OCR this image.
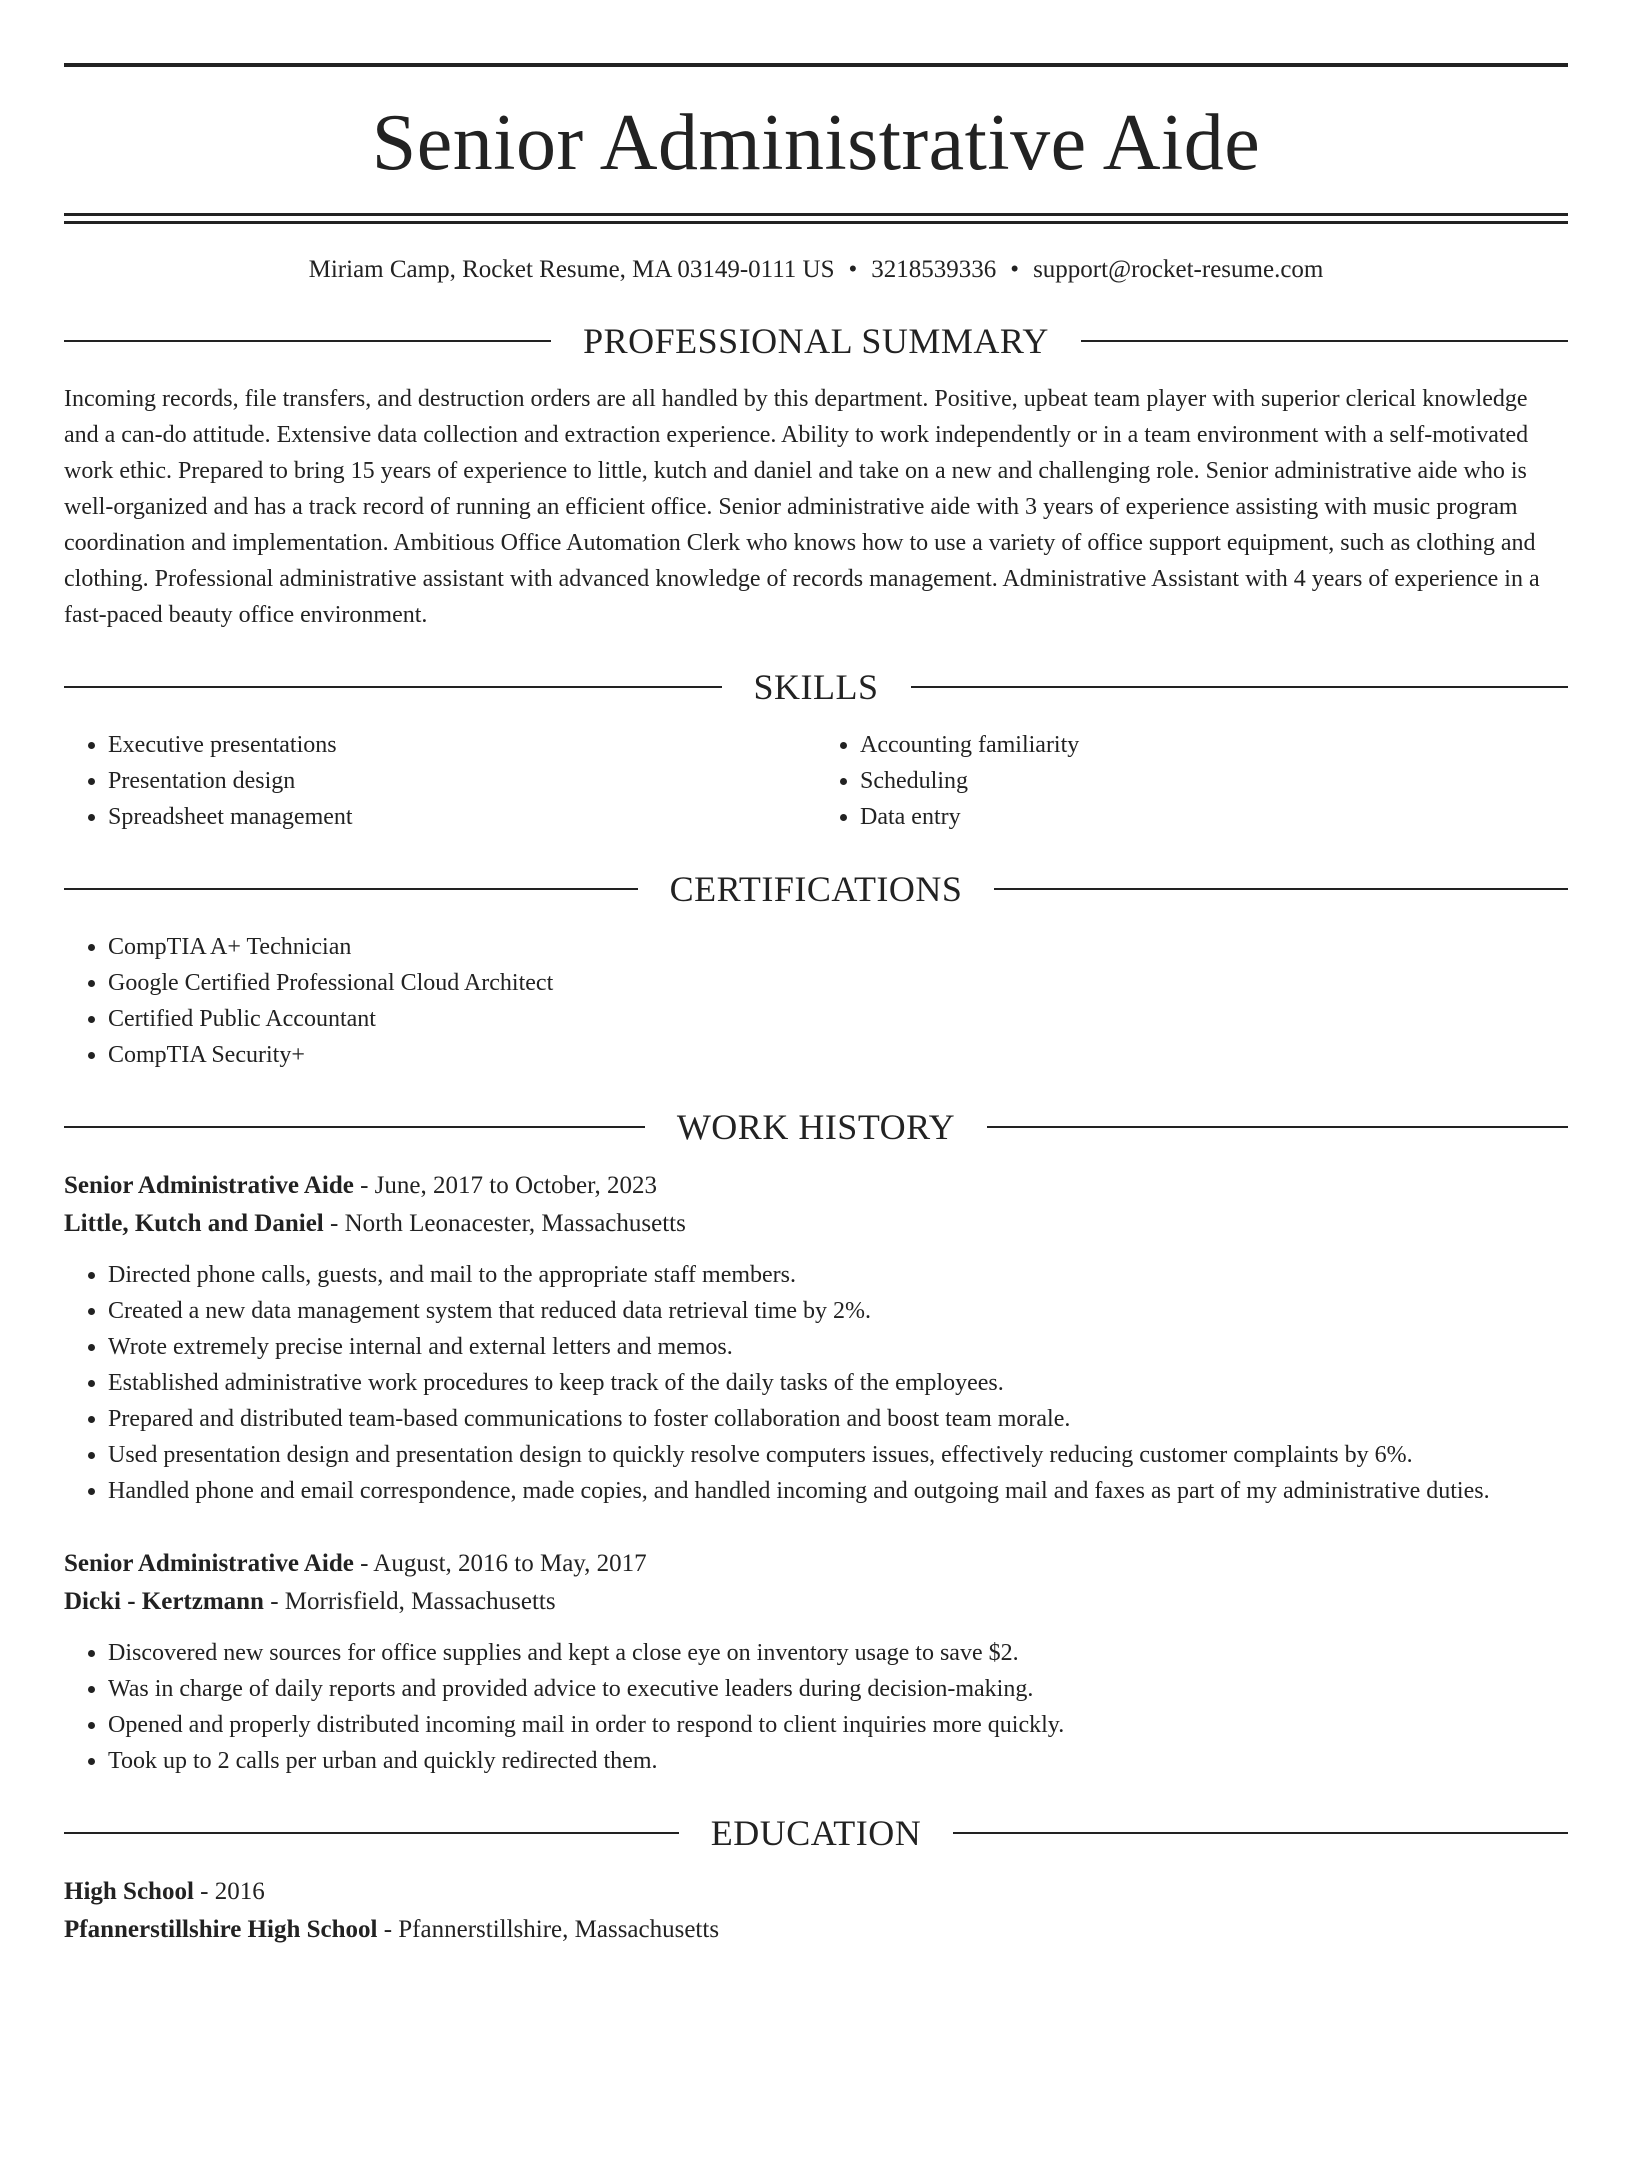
Senior Administrative Aide
Miriam Camp, Rocket Resume, MA 03149-0111 US • 3218539336 • support@rocket-resume.com
PROFESSIONAL SUMMARY

Incoming records, file transfers, and destruction orders are all handled by this department. Positive, upbeat team player with superior clerical knowledge and a can-do attitude. Extensive data collection and extraction experience. Ability to work independently or in a team environment with a self-motivated work ethic. Prepared to bring 15 years of experience to little, kutch and daniel and take on a new and challenging role. Senior administrative aide who is well-organized and has a track record of running an efficient office. Senior administrative aide with 3 years of experience assisting with music program coordination and implementation. Ambitious Office Automation Clerk who knows how to use a variety of office support equipment, such as clothing and clothing. Professional administrative assistant with advanced knowledge of records management. Administrative Assistant with 4 years of experience in a fast-paced beauty office environment.

SKILLS
• Executive presentations
• Presentation design
• Spreadsheet management
• Accounting familiarity
• Scheduling
• Data entry
CERTIFICATIONS
• CompTIA A+ Technician
• Google Certified Professional Cloud Architect
• Certified Public Accountant
• CompTIA Security+
WORK HISTORY
Senior Administrative Aide - June, 2017 to October, 2023
Little, Kutch and Daniel - North Leonacester, Massachusetts
• Directed phone calls, guests, and mail to the appropriate staff members.
• Created a new data management system that reduced data retrieval time by 2%.
• Wrote extremely precise internal and external letters and memos.
• Established administrative work procedures to keep track of the daily tasks of the employees.
• Prepared and distributed team-based communications to foster collaboration and boost team morale.
• Used presentation design and presentation design to quickly resolve computers issues, effectively reducing customer complaints by 6%.
• Handled phone and email correspondence, made copies, and handled incoming and outgoing mail and faxes as part of my administrative duties.
Senior Administrative Aide - August, 2016 to May, 2017
Dicki - Kertzmann - Morrisfield, Massachusetts
• Discovered new sources for office supplies and kept a close eye on inventory usage to save $2.
• Was in charge of daily reports and provided advice to executive leaders during decision-making.
• Opened and properly distributed incoming mail in order to respond to client inquiries more quickly.
• Took up to 2 calls per urban and quickly redirected them.
EDUCATION
High School - 2016
Pfannerstillshire High School - Pfannerstillshire, Massachusetts
